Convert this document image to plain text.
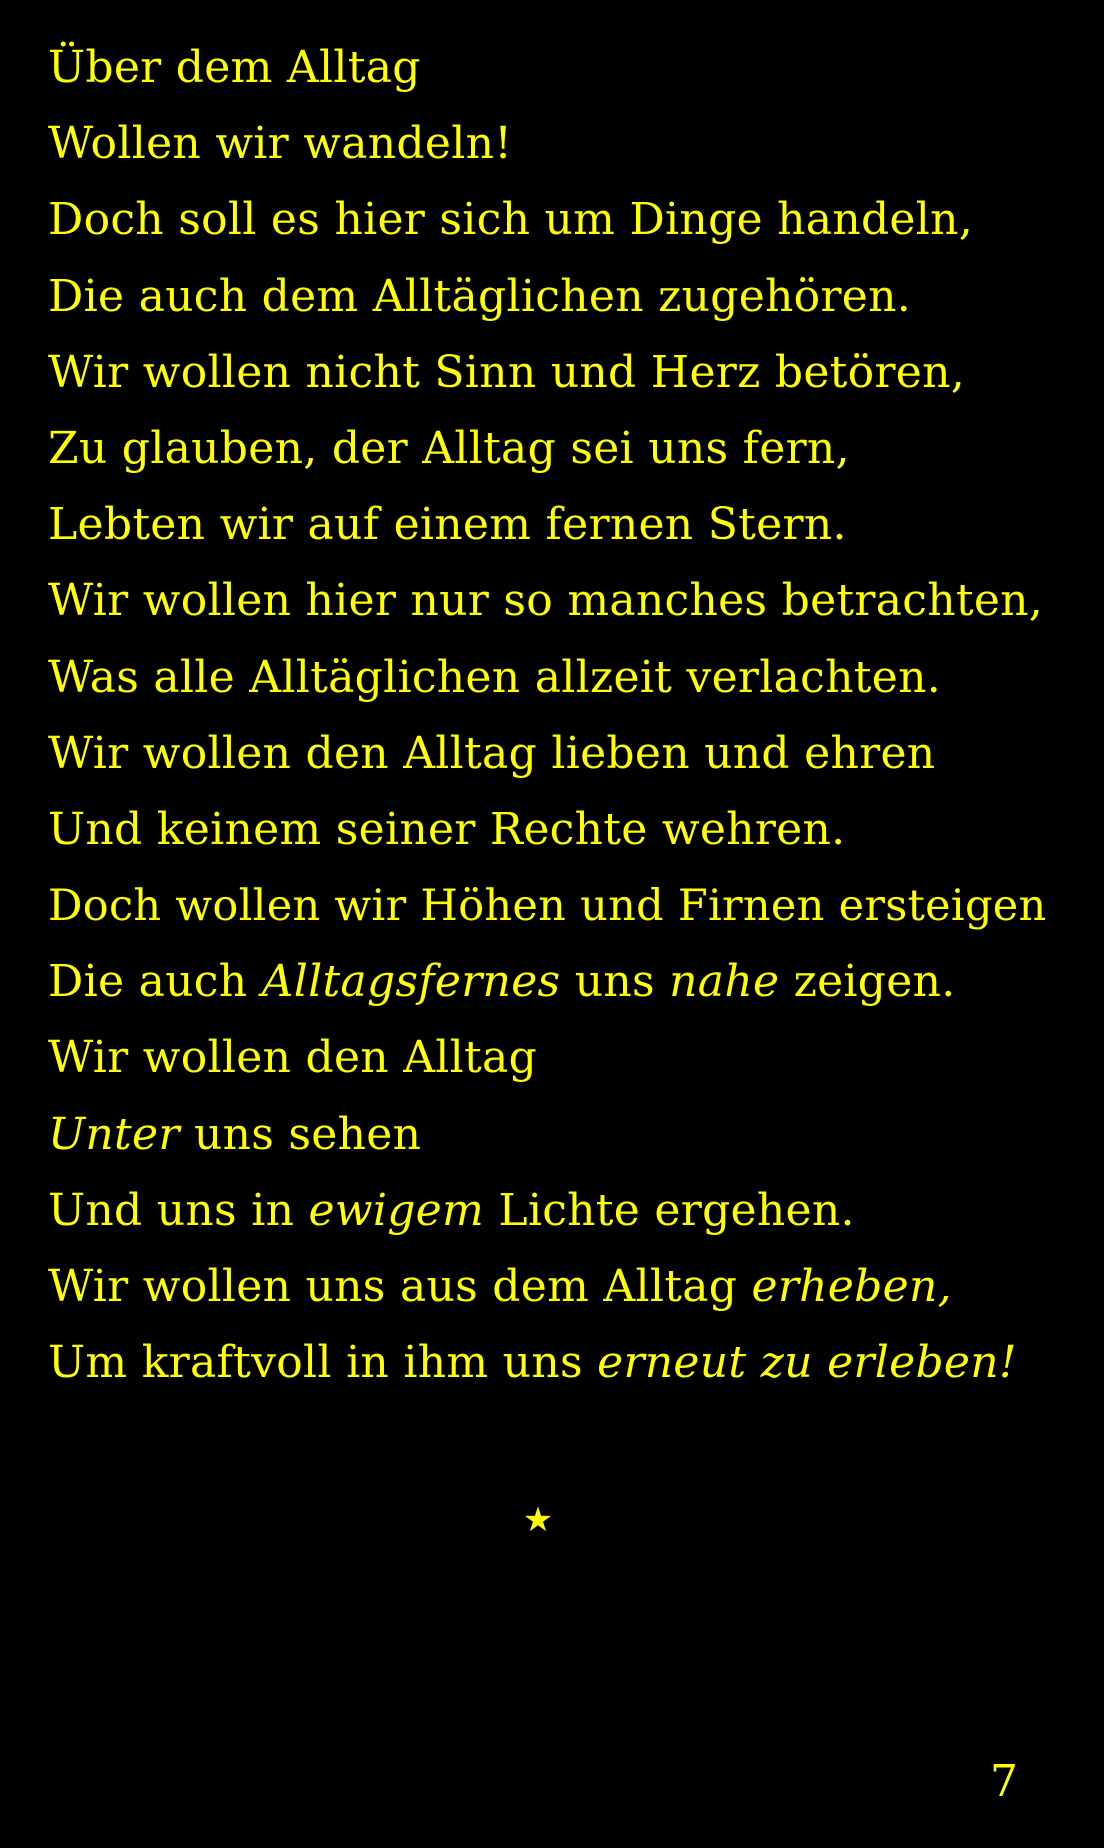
Über dem Alltag
Wollen wir wandeln!
Doch soll es hier sich um Dinge handeln,
Die auch dem Alltäglichen zugehören.
Wir wollen nicht Sinn und Herz betören,
Zu glauben, der Alltag sei uns fern,
Lebten wir auf einem fernen Stern.
Wir wollen hier nur so manches betrachten,
Was alle Alltäglichen allzeit verlachten.
Wir wollen den Alltag lieben und ehren
Und keinem seiner Rechte wehren.
Doch wollen wir Höhen und Firnen ersteigen
Die auch Alltagsfernes uns nahe zeigen.
Wir wollen den Alltag
Unter uns sehen
Und uns in ewigem Lichte ergehen.
Wir wollen uns aus dem Alltag erheben,
Um kraftvoll in ihm uns erneut zu erleben!
★
7
